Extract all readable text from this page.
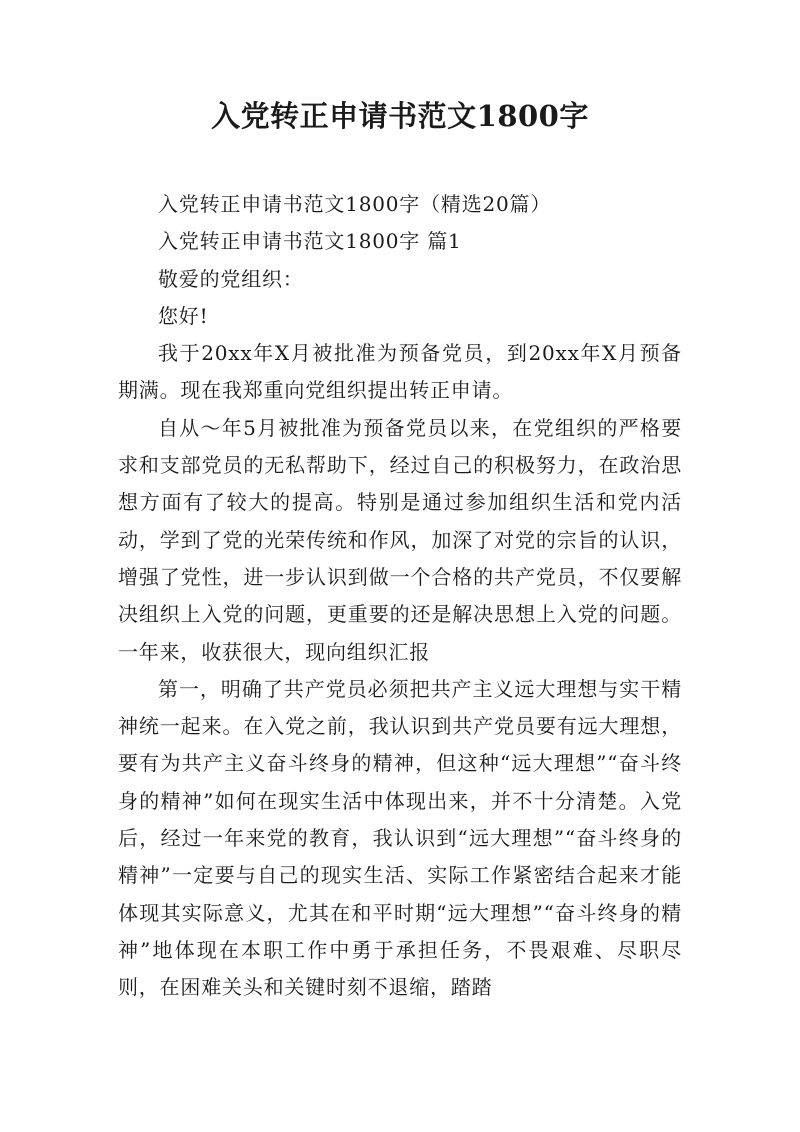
入党转正申请书范文1800字

入党转正申请书范文1800字（精选20篇）

入党转正申请书范文1800字 篇1

敬爱的党组织：

您好!

我于20xx年X月被批准为预备党员，到20xx年X月预备期满。现在我郑重向党组织提出转正申请。

自从～年5月被批准为预备党员以来，在党组织的严格要求和支部党员的无私帮助下，经过自己的积极努力，在政治思想方面有了较大的提高。特别是通过参加组织生活和党内活动，学到了党的光荣传统和作风，加深了对党的宗旨的认识，增强了党性，进一步认识到做一个合格的共产党员，不仅要解决组织上入党的问题，更重要的还是解决思想上入党的问题。一年来，收获很大，现向组织汇报

第一，明确了共产党员必须把共产主义远大理想与实干精神统一起来。在入党之前，我认识到共产党员要有远大理想，要有为共产主义奋斗终身的精神，但这种“远大理想”“奋斗终身的精神”如何在现实生活中体现出来，并不十分清楚。入党后，经过一年来党的教育，我认识到“远大理想”“奋斗终身的精神”一定要与自己的现实生活、实际工作紧密结合起来才能体现其实际意义，尤其在和平时期“远大理想”“奋斗终身的精神”地体现在本职工作中勇于承担任务，不畏艰难、尽职尽则，在困难关头和关键时刻不退缩，踏踏
